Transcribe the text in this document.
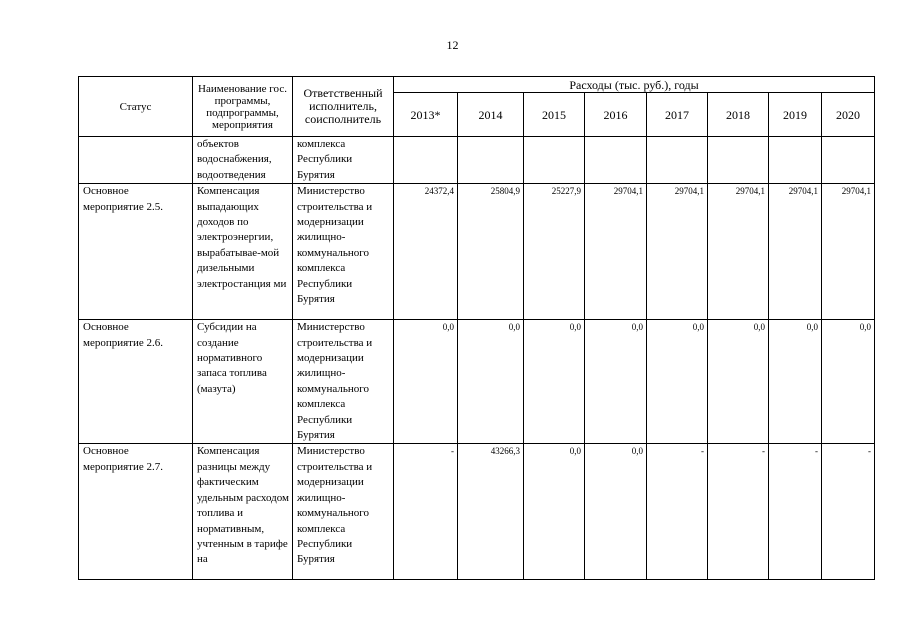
12
Статус	Наименование гос. программы, подпрограммы, мероприятия	Ответственный исполнитель, соисполнитель	Расходы (тыс. руб.), годы							
			2013*	2014	2015	2016	2017	2018	2019	2020
	объектов водоснабжения, водоотведения	комплекса Республики Бурятия								
Основное мероприятие 2.5.	Компенсация выпадающих доходов по электроэнергии, вырабатывае-мой дизельными электростанция ми	Министерство строительства и модернизации жилищно-коммунального комплекса Республики Бурятия	24372,4	25804,9	25227,9	29704,1	29704,1	29704,1	29704,1	29704,1
Основное мероприятие 2.6.	Субсидии на создание нормативного запаса топлива (мазута)	Министерство строительства и модернизации жилищно-коммунального комплекса Республики Бурятия	0,0	0,0	0,0	0,0	0,0	0,0	0,0	0,0
Основное мероприятие 2.7.	Компенсация разницы между фактическим удельным расходом топлива и нормативным, учтенным в тарифе на	Министерство строительства и модернизации жилищно-коммунального комплекса Республики Бурятия	-	43266,3	0,0	0,0	-	-	-	-
